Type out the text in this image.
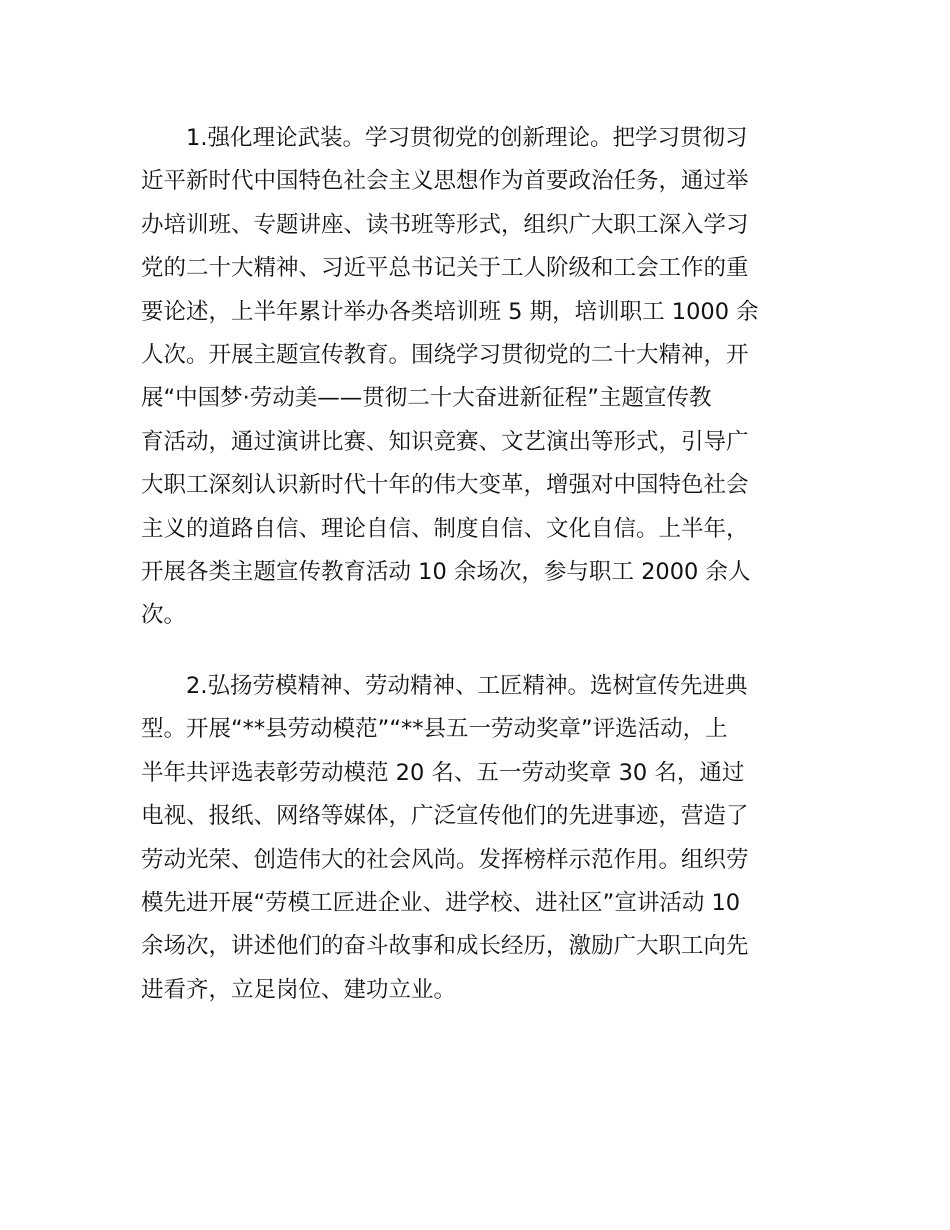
1.强化理论武装。学习贯彻党的创新理论。把学习贯彻习
近平新时代中国特色社会主义思想作为首要政治任务，通过举
办培训班、专题讲座、读书班等形式，组织广大职工深入学习
党的二十大精神、习近平总书记关于工人阶级和工会工作的重
要论述，上半年累计举办各类培训班 5 期，培训职工 1000 余
人次。开展主题宣传教育。围绕学习贯彻党的二十大精神，开
展“中国梦·劳动美——贯彻二十大奋进新征程”主题宣传教
育活动，通过演讲比赛、知识竞赛、文艺演出等形式，引导广
大职工深刻认识新时代十年的伟大变革，增强对中国特色社会
主义的道路自信、理论自信、制度自信、文化自信。上半年，
开展各类主题宣传教育活动 10 余场次，参与职工 2000 余人
次。

2.弘扬劳模精神、劳动精神、工匠精神。选树宣传先进典
型。开展“**县劳动模范”“**县五一劳动奖章”评选活动，上
半年共评选表彰劳动模范 20 名、五一劳动奖章 30 名，通过
电视、报纸、网络等媒体，广泛宣传他们的先进事迹，营造了
劳动光荣、创造伟大的社会风尚。发挥榜样示范作用。组织劳
模先进开展“劳模工匠进企业、进学校、进社区”宣讲活动 10
余场次，讲述他们的奋斗故事和成长经历，激励广大职工向先
进看齐，立足岗位、建功立业。
